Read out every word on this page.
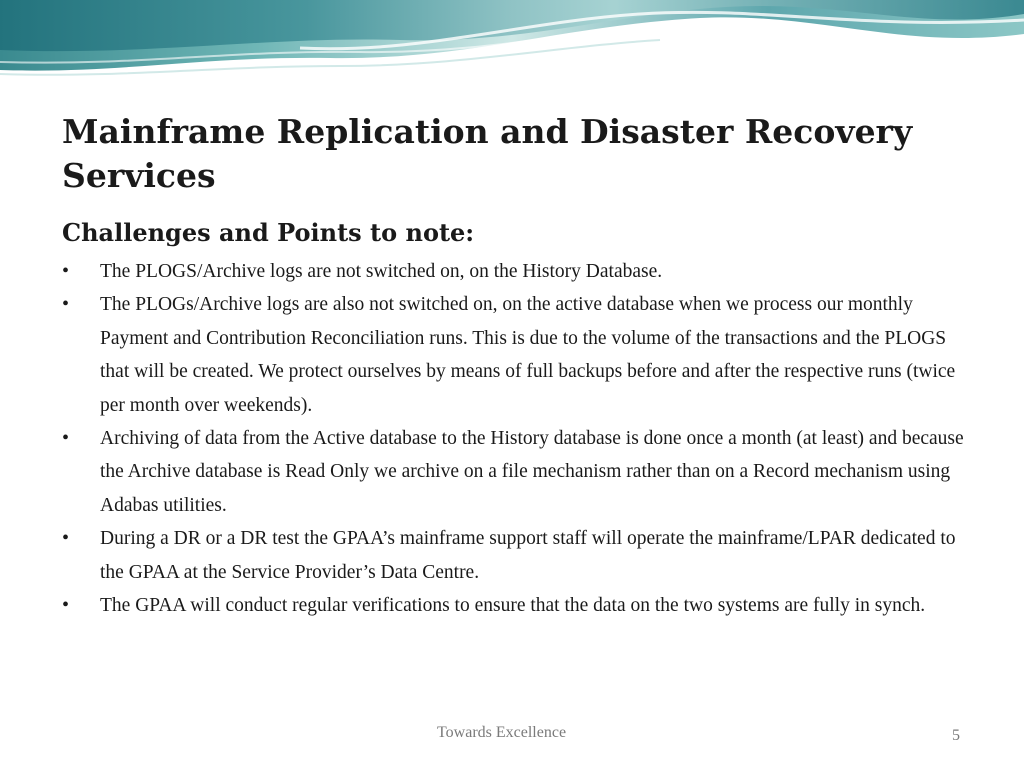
Mainframe Replication and Disaster Recovery Services
Challenges and Points to note:
• The PLOGS/Archive logs are not switched on, on the History Database.
• The PLOGs/Archive logs are also not switched on, on the active database when we process our monthly Payment and Contribution Reconciliation runs. This is due to the volume of the transactions and the PLOGS that will be created. We protect ourselves by means of full backups before and after the respective runs (twice per month over weekends).
• Archiving of data from the Active database to the History database is done once a month (at least) and because the Archive database is Read Only we archive on a file mechanism rather than on a Record mechanism using Adabas utilities.
• During a DR or a DR test the GPAA’s mainframe support staff will operate the mainframe/LPAR dedicated to the GPAA at the Service Provider’s Data Centre.
• The GPAA will conduct regular verifications to ensure that the data on the two systems are fully in synch.
Towards Excellence	5
